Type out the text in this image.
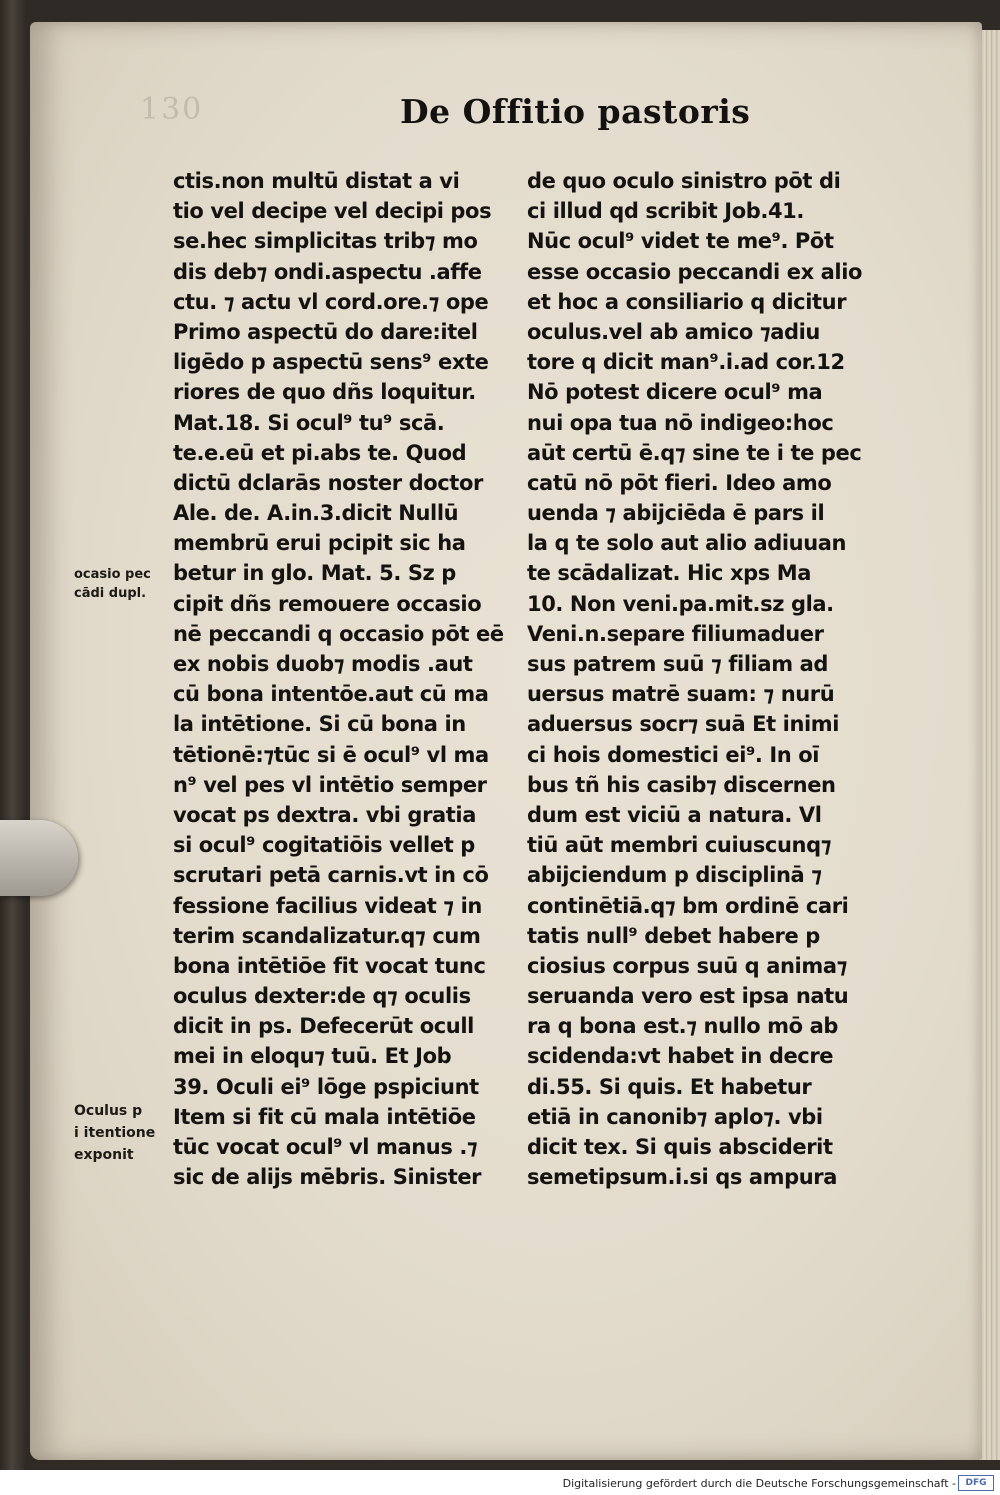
130	De Offitio pastoris
ctis.non multū distat a vi
tio vel decipe vel decipi pos
se.hec simplicitas trib⁊ mo
dis deb⁊ ondi.aspectu .affe
ctu. ⁊ actu vl cord.ore.⁊ ope
Primo aspectū do dare:itel
ligēdo p aspectū sens⁹ exte
riores de quo dñs loquitur.
Mat.18. Si ocul⁹ tu⁹ scā.
te.e.eū et pi.abs te. Quod
dictū dclarās noster doctor
Ale. de. A.in.3.dicit Nullū
membrū erui pcipit sic ha
betur in glo. Mat. 5. Sz p
cipit dñs remouere occasio
nē peccandi q occasio pōt eē
ex nobis duob⁊ modis .aut
cū bona intentōe.aut cū ma
la intētione. Si cū bona in
tētionē:⁊tūc si ē ocul⁹ vl ma
n⁹ vel pes vl intētio semper
vocat ps dextra. vbi gratia
si ocul⁹ cogitatiōis vellet p
scrutari petā carnis.vt in cō
fessione facilius videat ⁊ in
terim scandalizatur.q⁊ cum
bona intētiōe fit vocat tunc
oculus dexter:de q⁊ oculis
dicit in ps. Defecerūt ocull
mei in eloqu⁊ tuū. Et Job
39. Oculi ei⁹ lōge pspiciunt
Item si fit cū mala intētiōe
tūc vocat ocul⁹ vl manus .⁊
sic de alijs mēbris. Sinister
de quo oculo sinistro pōt di
ci illud qd scribit Job.41.
Nūc ocul⁹ videt te me⁹. Pōt
esse occasio peccandi ex alio
et hoc a consiliario q dicitur
oculus.vel ab amico ⁊adiu
tore q dicit man⁹.i.ad cor.12
Nō potest dicere ocul⁹ ma
nui opa tua nō indigeo:hoc
aūt certū ē.q⁊ sine te i te pec
catū nō pōt fieri. Ideo amo
uenda ⁊ abijciēda ē pars il
la q te solo aut alio adiuuan
te scādalizat. Hic xps Ma
10. Non veni.pa.mit.sz gla.
Veni.n.separe filiumaduer
sus patrem suū ⁊ filiam ad
uersus matrē suam: ⁊ nurū
aduersus socr⁊ suā Et inimi
ci hois domestici ei⁹. In oī
bus tñ his casib⁊ discernen
dum est viciū a natura. Vl
tiū aūt membri cuiuscunq⁊
abijciendum p disciplinā ⁊
continētiā.q⁊ bm ordinē cari
tatis null⁹ debet habere p
ciosius corpus suū q anima⁊
seruanda vero est ipsa natu
ra q bona est.⁊ nullo mō ab
scidenda:vt habet in decre
di.55. Si quis. Et habetur
etiā in canonib⁊ aplo⁊. vbi
dicit tex. Si quis absciderit
semetipsum.i.si qs ampura
ocasio pec
cādi dupl.
Oculus p
i itentione
exponit
Digitalisierung gefördert durch die Deutsche Forschungsgemeinschaft -	DFG
